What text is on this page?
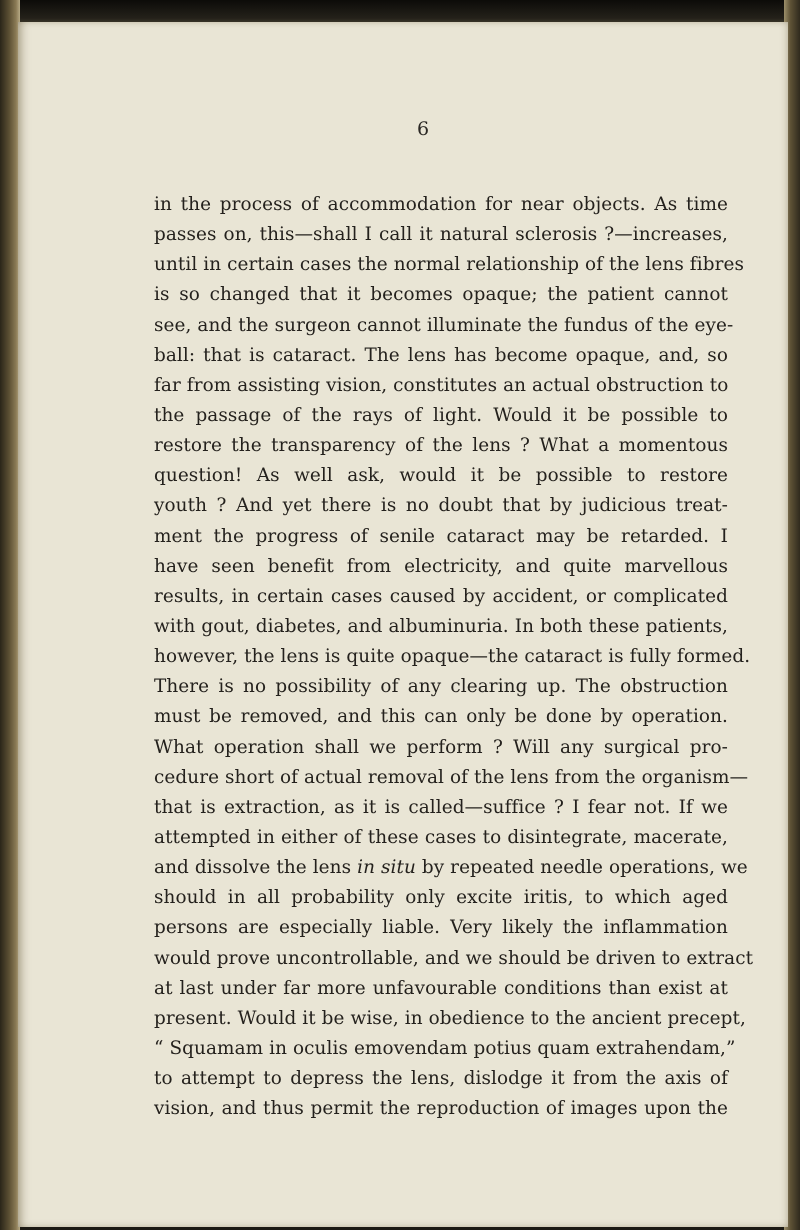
6

in the process of accommodation for near objects. As time
passes on, this—shall I call it natural sclerosis ?—increases,
until in certain cases the normal relationship of the lens fibres
is so changed that it becomes opaque; the patient cannot
see, and the surgeon cannot illuminate the fundus of the eye-
ball: that is cataract. The lens has become opaque, and, so
far from assisting vision, constitutes an actual obstruction to
the passage of the rays of light. Would it be possible to
restore the transparency of the lens ? What a momentous
question! As well ask, would it be possible to restore
youth ? And yet there is no doubt that by judicious treat-
ment the progress of senile cataract may be retarded. I
have seen benefit from electricity, and quite marvellous
results, in certain cases caused by accident, or complicated
with gout, diabetes, and albuminuria. In both these patients,
however, the lens is quite opaque—the cataract is fully formed.
There is no possibility of any clearing up. The obstruction
must be removed, and this can only be done by operation.
What operation shall we perform ? Will any surgical pro-
cedure short of actual removal of the lens from the organism—
that is extraction, as it is called—suffice ? I fear not. If we
attempted in either of these cases to disintegrate, macerate,
and dissolve the lens in situ by repeated needle operations, we
should in all probability only excite iritis, to which aged
persons are especially liable. Very likely the inflammation
would prove uncontrollable, and we should be driven to extract
at last under far more unfavourable conditions than exist at
present. Would it be wise, in obedience to the ancient precept,
“ Squamam in oculis emovendam potius quam extrahendam,”
to attempt to depress the lens, dislodge it from the axis of
vision, and thus permit the reproduction of images upon the
